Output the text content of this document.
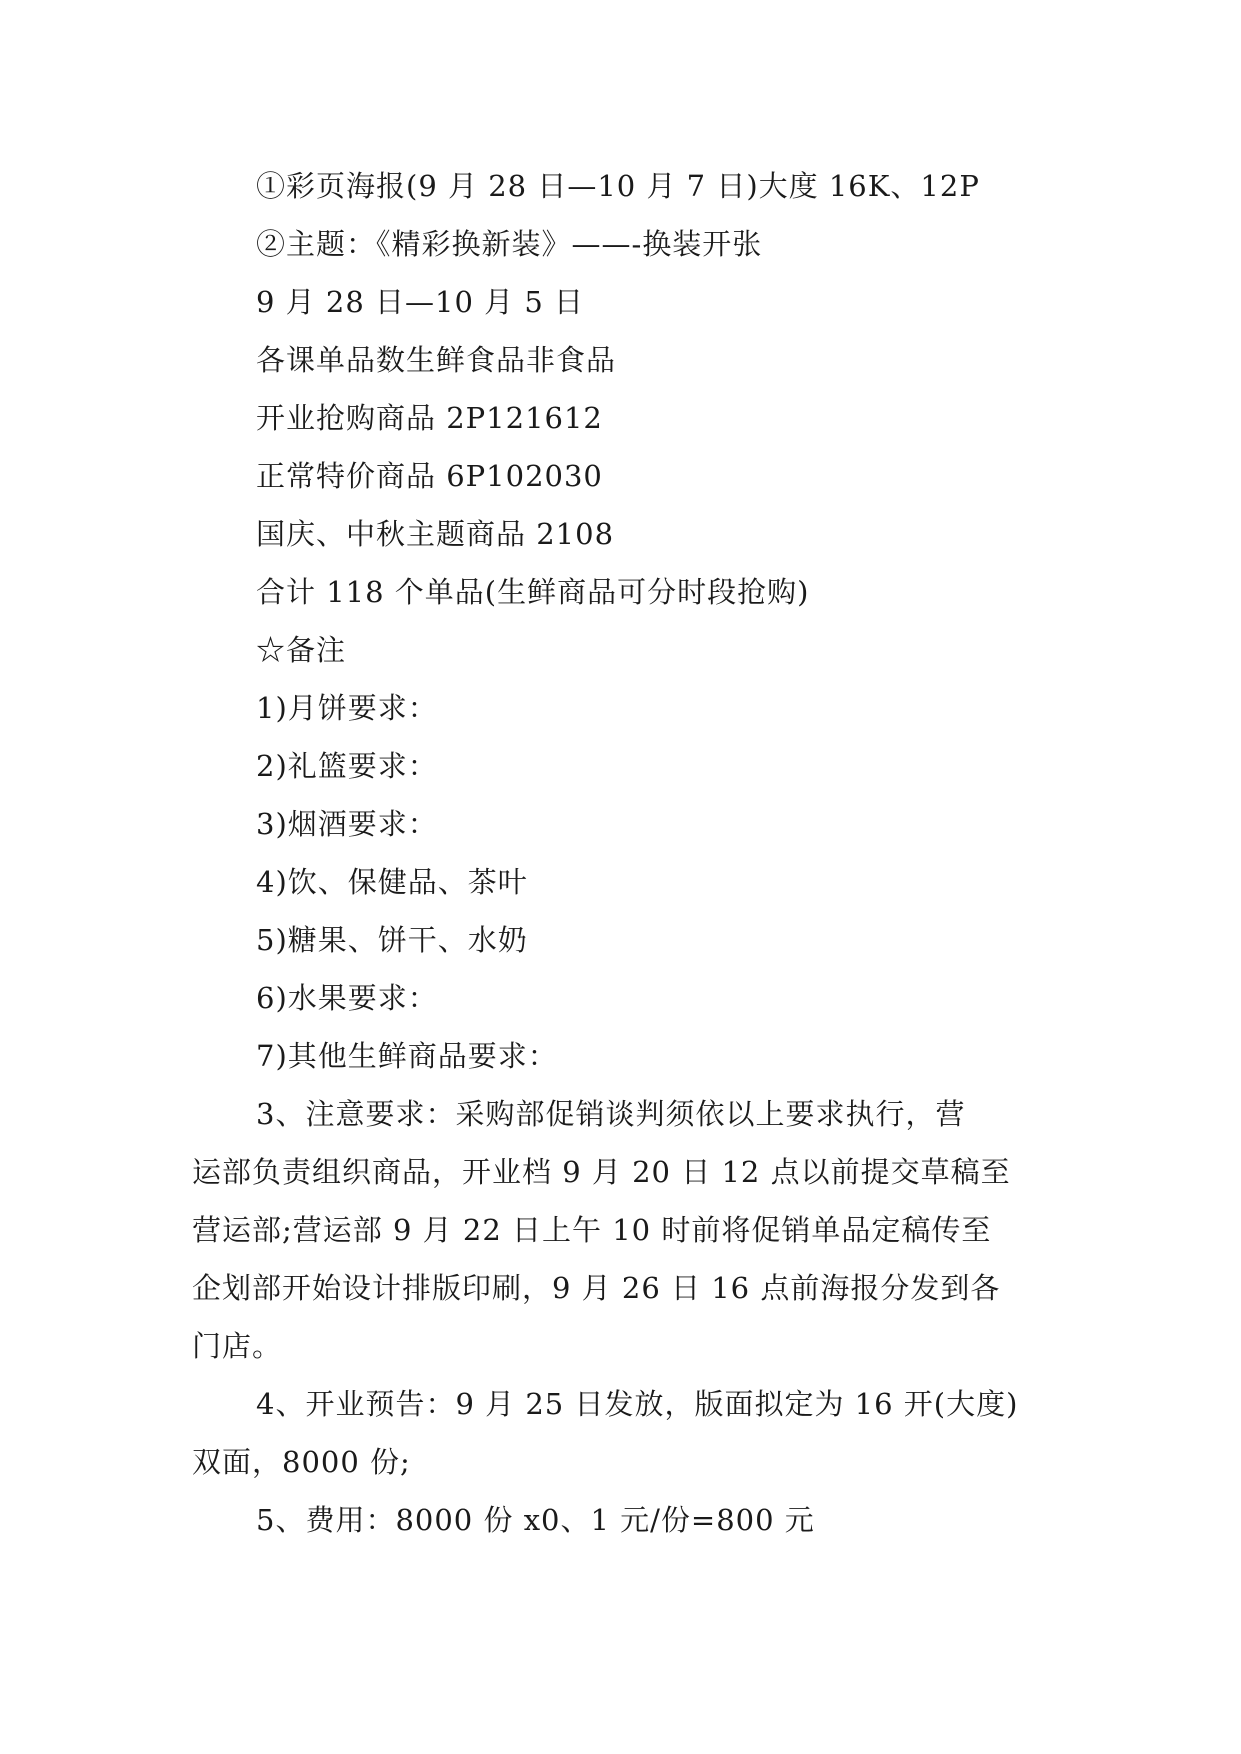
①彩页海报(9 月 28 日—10 月 7 日)大度 16K、12P
②主题：《精彩换新装》——-换装开张
9 月 28 日—10 月 5 日
各课单品数生鲜食品非食品
开业抢购商品 2P121612
正常特价商品 6P102030
国庆、中秋主题商品 2108
合计 118 个单品(生鲜商品可分时段抢购)
☆备注
1)月饼要求：
2)礼篮要求：
3)烟酒要求：
4)饮、保健品、茶叶
5)糖果、饼干、水奶
6)水果要求：
7)其他生鲜商品要求：
3、注意要求：采购部促销谈判须依以上要求执行，营
运部负责组织商品，开业档 9 月 20 日 12 点以前提交草稿至
营运部;营运部 9 月 22 日上午 10 时前将促销单品定稿传至
企划部开始设计排版印刷，9 月 26 日 16 点前海报分发到各
门店。
4、开业预告：9 月 25 日发放，版面拟定为 16 开(大度)
双面，8000 份;
5、费用：8000 份 x0、1 元/份=800 元
